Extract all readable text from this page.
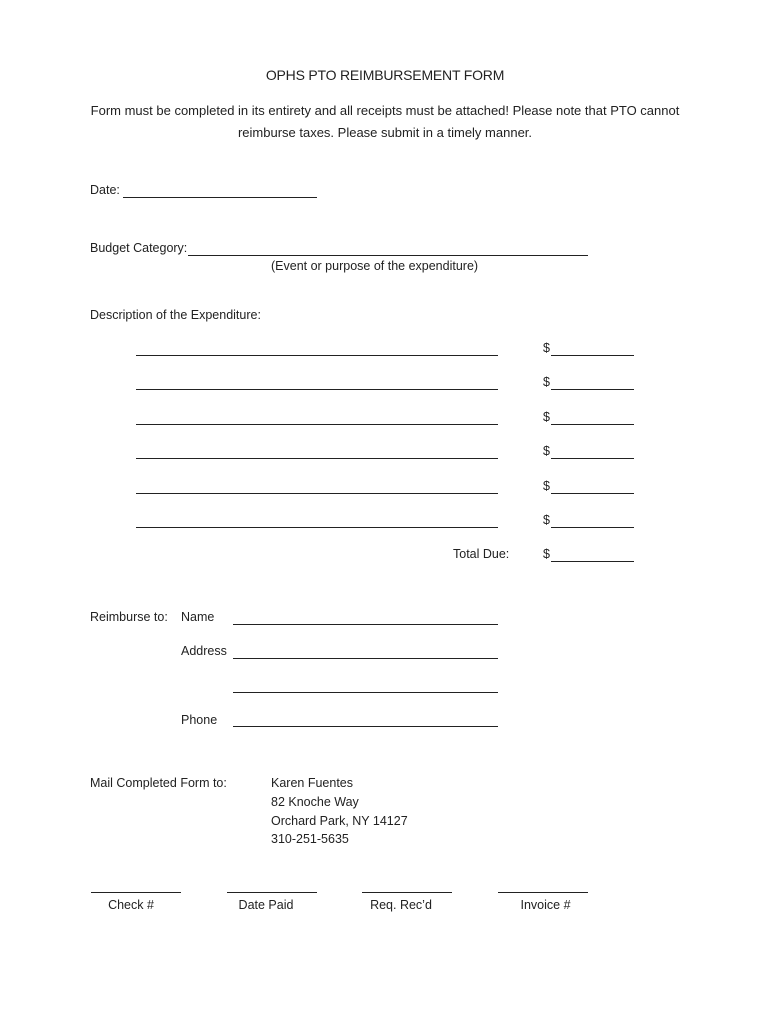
OPHS PTO REIMBURSEMENT FORM
Form must be completed in its entirety and all receipts must be attached! Please note that PTO cannot reimburse taxes. Please submit in a timely manner.
Date:
Budget Category:
(Event or purpose of the expenditure)
Description of the Expenditure:
$
$
$
$
$
$
Total Due:	$
Reimburse to: Name
Address
Phone
Mail Completed Form to:	Karen Fuentes
82 Knoche Way
Orchard Park, NY 14127
310-251-5635
Check #	Date Paid	Req. Rec’d	Invoice #
